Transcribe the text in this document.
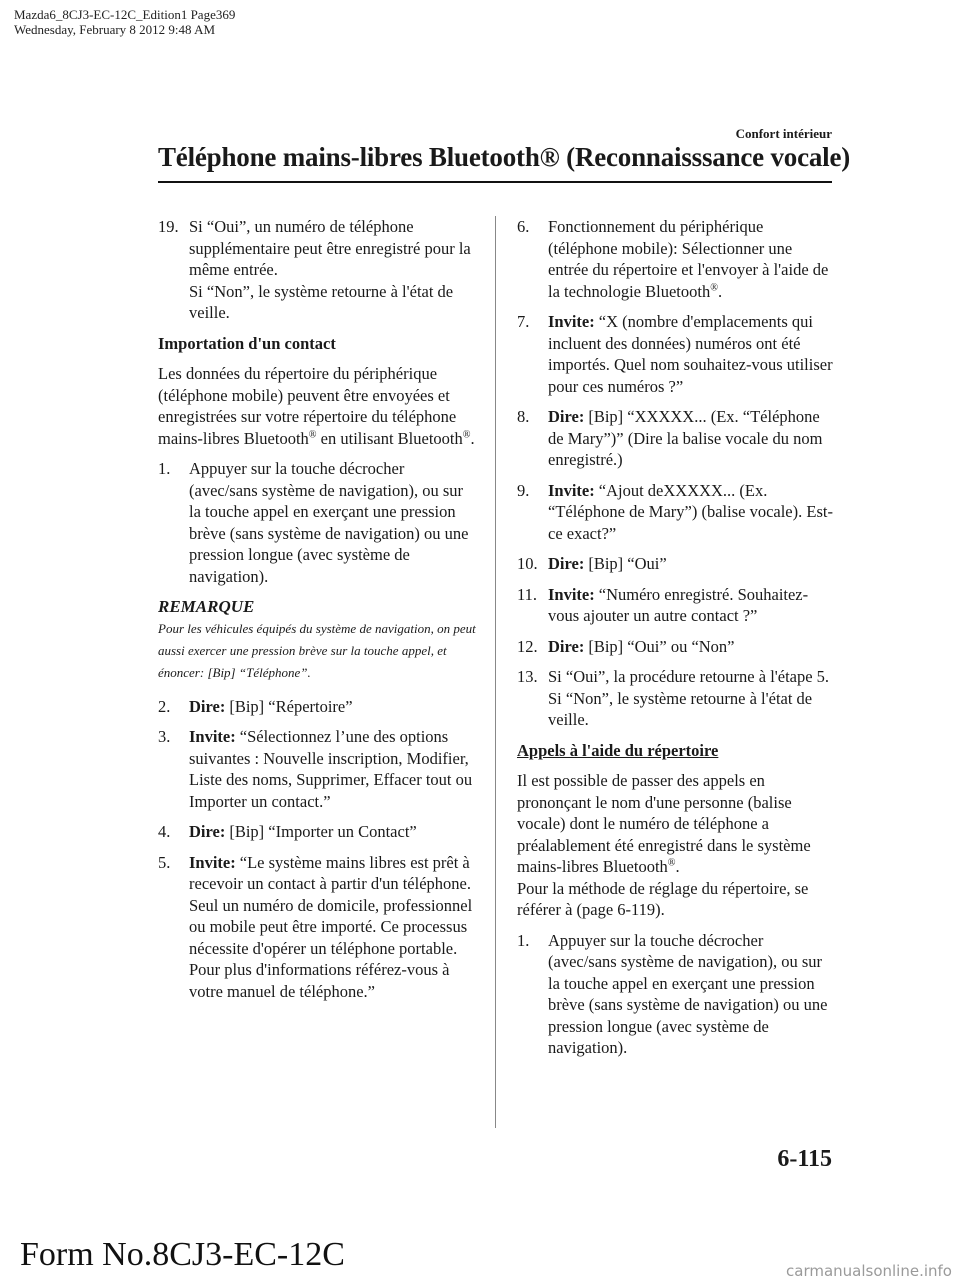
Mazda6_8CJ3-EC-12C_Edition1 Page369
Wednesday, February 8 2012 9:48 AM
Confort intérieur
Téléphone mains-libres Bluetooth® (Reconnaisssance vocale)
19. Si “Oui”, un numéro de téléphone supplémentaire peut être enregistré pour la même entrée.
Si “Non”, le système retourne à l'état de veille.
Importation d'un contact
Les données du répertoire du périphérique (téléphone mobile) peuvent être envoyées et enregistrées sur votre répertoire du téléphone mains-libres Bluetooth® en utilisant Bluetooth®.
1. Appuyer sur la touche décrocher (avec/sans système de navigation), ou sur la touche appel en exerçant une pression brève (sans système de navigation) ou une pression longue (avec système de navigation).
REMARQUE
Pour les véhicules équipés du système de navigation, on peut aussi exercer une pression brève sur la touche appel, et énoncer: [Bip] “Téléphone”.
2 . Dire: [Bip] “Répertoire”
3 . Invite: “Sélectionnez l’une des options suivantes : Nouvelle inscription, Modifier, Liste des noms, Supprimer, Effacer tout ou Importer un contact.”
4 . Dire: [Bip] “Importer un Contact”
5 . Invite: “Le système mains libres est prêt à recevoir un contact à partir d'un téléphone. Seul un numéro de domicile, professionnel ou mobile peut être importé. Ce processus nécessite d'opérer un téléphone portable. Pour plus d'informations référez-vous à votre manuel de téléphone.”
6. Fonctionnement du périphérique (téléphone mobile): Sélectionner une entrée du répertoire et l'envoyer à l'aide de la technologie Bluetooth®.
7 . Invite: “X (nombre d'emplacements qui incluent des données) numéros ont été importés. Quel nom souhaitez-vous utiliser pour ces numéros ?”
8 . Dire: [Bip] “XXXXX... (Ex. “Téléphone de Mary”)” (Dire la balise vocale du nom enregistré.)
9 . Invite: “Ajout deXXXXX... (Ex. “Téléphone de Mary”) (balise vocale). Est-ce exact?”
10 . Dire: [Bip] “Oui”
11 . Invite: “Numéro enregistré. Souhaitez-vous ajouter un autre contact ?”
12 . Dire: [Bip] “Oui” ou “Non”
13. Si “Oui”, la procédure retourne à l'étape 5.
Si “Non”, le système retourne à l'état de veille.
Appels à l'aide du répertoire
Il est possible de passer des appels en prononçant le nom d'une personne (balise vocale) dont le numéro de téléphone a préalablement été enregistré dans le système mains-libres Bluetooth®.
Pour la méthode de réglage du répertoire, se référer à (page 6-119).
1. Appuyer sur la touche décrocher (avec/sans système de navigation), ou sur la touche appel en exerçant une pression brève (sans système de navigation) ou une pression longue (avec système de navigation).
6-115
Form No.8CJ3-EC-12C	carmanualsonline.info
